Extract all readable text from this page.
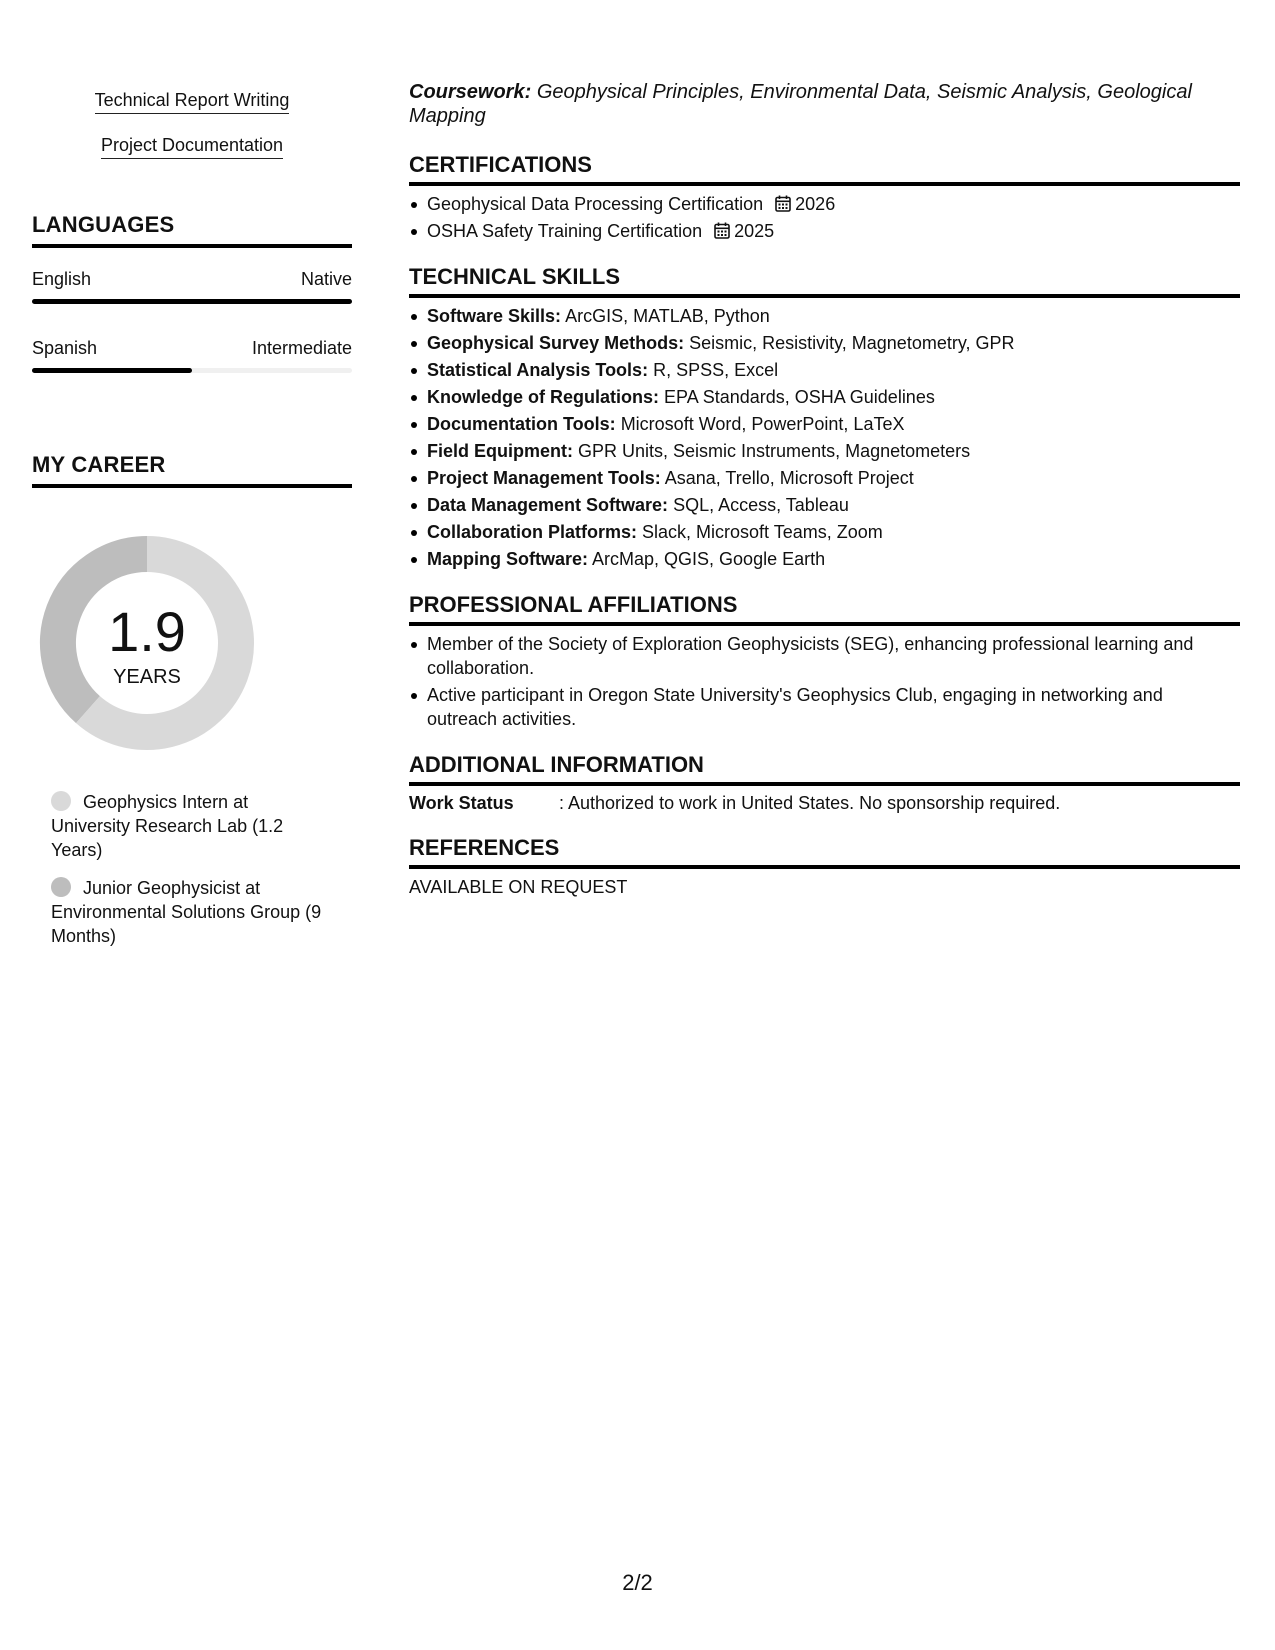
Technical Report Writing
Project Documentation
LANGUAGES
English	Native
Spanish	Intermediate
MY CAREER
1.9
YEARS
Geophysics Intern at University Research Lab (1.2 Years)
Junior Geophysicist at Environmental Solutions Group (9 Months)
Coursework: Geophysical Principles, Environmental Data, Seismic Analysis, Geological Mapping
CERTIFICATIONS
Geophysical Data Processing Certification 2026
OSHA Safety Training Certification 2025
TECHNICAL SKILLS
Software Skills: ArcGIS, MATLAB, Python
Geophysical Survey Methods: Seismic, Resistivity, Magnetometry, GPR
Statistical Analysis Tools: R, SPSS, Excel
Knowledge of Regulations: EPA Standards, OSHA Guidelines
Documentation Tools: Microsoft Word, PowerPoint, LaTeX
Field Equipment: GPR Units, Seismic Instruments, Magnetometers
Project Management Tools: Asana, Trello, Microsoft Project
Data Management Software: SQL, Access, Tableau
Collaboration Platforms: Slack, Microsoft Teams, Zoom
Mapping Software: ArcMap, QGIS, Google Earth
PROFESSIONAL AFFILIATIONS
Member of the Society of Exploration Geophysicists (SEG), enhancing professional learning and collaboration.
Active participant in Oregon State University's Geophysics Club, engaging in networking and outreach activities.
ADDITIONAL INFORMATION
Work Status	: Authorized to work in United States. No sponsorship required.
REFERENCES
AVAILABLE ON REQUEST
2/2
